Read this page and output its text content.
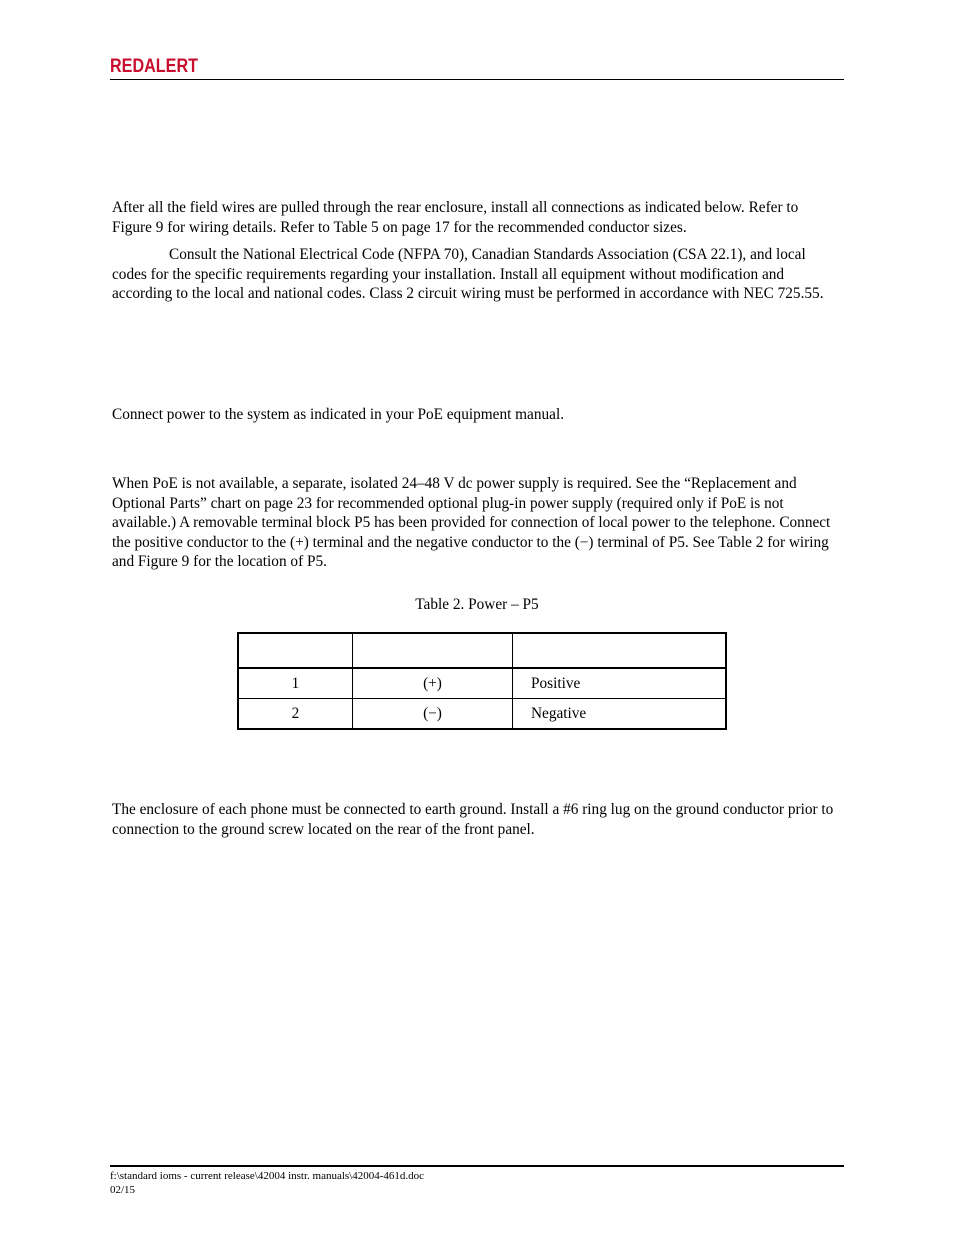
REDALERT

After all the field wires are pulled through the rear enclosure, install all connections as indicated below. Refer to Figure 9 for wiring details. Refer to Table 5 on page 17 for the recommended conductor sizes.

Consult the National Electrical Code (NFPA 70), Canadian Standards Association (CSA 22.1), and local codes for the specific requirements regarding your installation. Install all equipment without modification and according to the local and national codes. Class 2 circuit wiring must be performed in accordance with NEC 725.55.

Connect power to the system as indicated in your PoE equipment manual.

When PoE is not available, a separate, isolated 24–48 V dc power supply is required. See the “Replacement and Optional Parts” chart on page 23 for recommended optional plug-in power supply (required only if PoE is not available.) A removable terminal block P5 has been provided for connection of local power to the telephone. Connect the positive conductor to the (+) terminal and the negative conductor to the (−) terminal of P5. See Table 2 for wiring and Figure 9 for the location of P5.

Table 2. Power – P5

1	(+)	Positive
2	(−)	Negative

The enclosure of each phone must be connected to earth ground. Install a #6 ring lug on the ground conductor prior to connection to the ground screw located on the rear of the front panel.

f:\standard ioms - current release\42004 instr. manuals\42004-461d.doc
02/15
